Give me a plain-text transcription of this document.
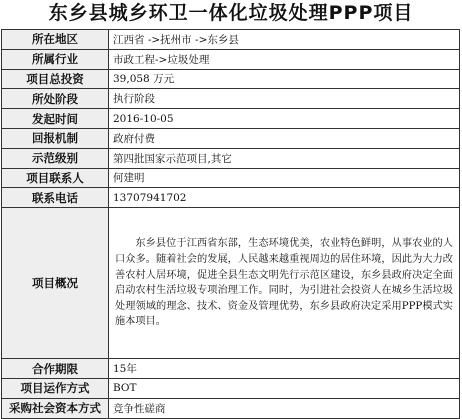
东乡县城乡环卫一体化垃圾处理PPP项目
所在地区	江西省 ->抚州市 ->东乡县
所属行业	市政工程->垃圾处理
项目总投资	39,058 万元
所处阶段	执行阶段
发起时间	2016-10-05
回报机制	政府付费
示范级别	第四批国家示范项目,其它
项目联系人	何建明
联系电话	13707941702
项目概况	东乡县位于江西省东部，生态环境优美，农业特色鲜明，从事农业的人口众多。随着社会的发展，人民越来越重视周边的居住环境，因此为大力改善农村人居环境，促进全县生态文明先行示范区建设，东乡县政府决定全面启动农村生活垃圾专项治理工作。同时，为引进社会投资人在城乡生活垃圾处理领域的理念、技术、资金及管理优势，东乡县政府决定采用PPP模式实施本项目。
合作期限	15年
项目运作方式	BOT
采购社会资本方式	竞争性磋商
